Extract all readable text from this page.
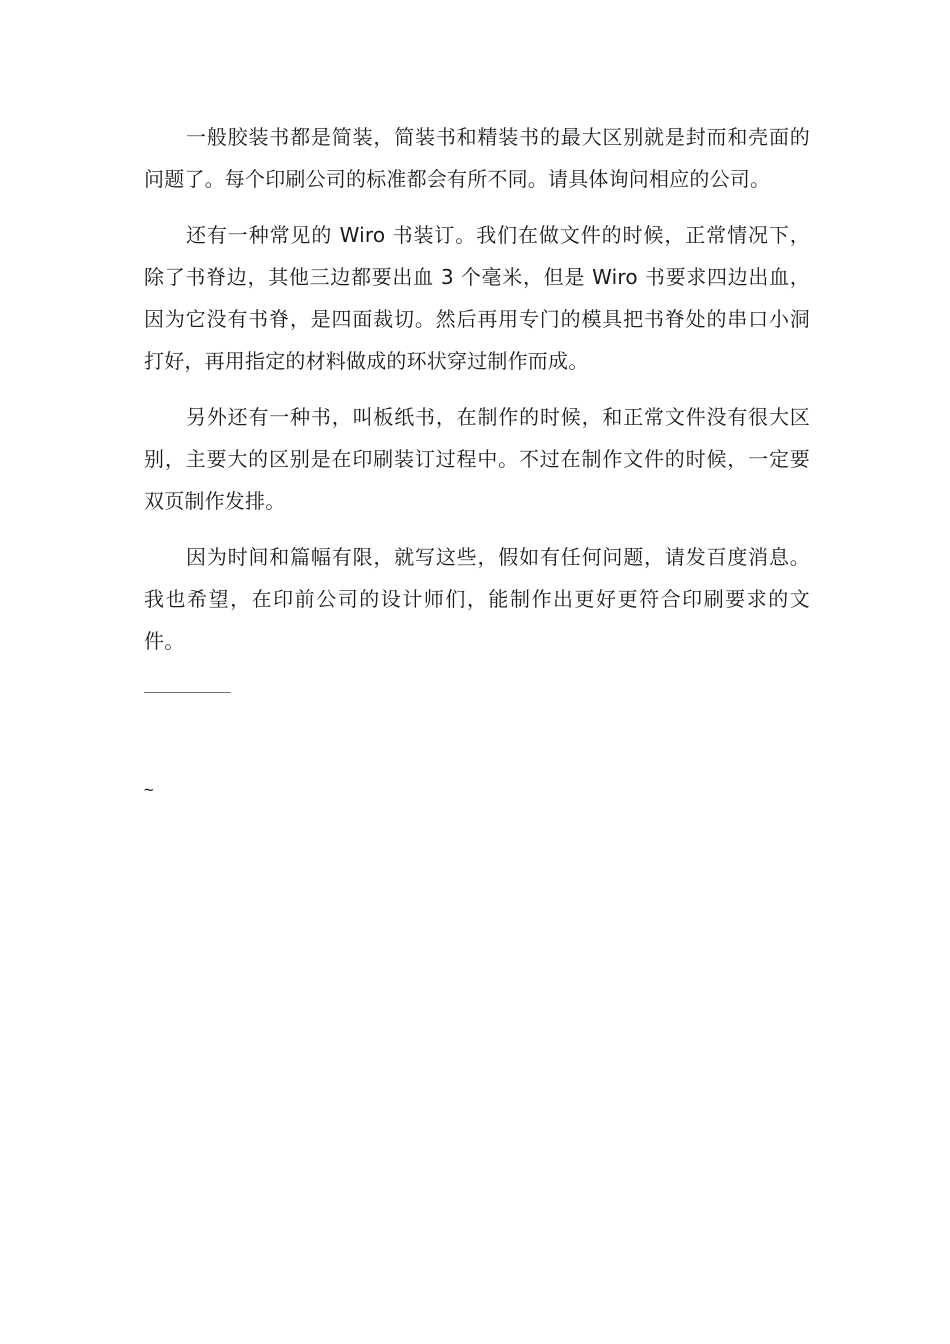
一般胶装书都是简装，简装书和精装书的最大区别就是封而和壳面的问题了。每个印刷公司的标准都会有所不同。请具体询问相应的公司。

还有一种常见的 Wiro 书装订。我们在做文件的时候，正常情况下，除了书脊边，其他三边都要出血 3 个毫米，但是 Wiro 书要求四边出血，因为它没有书脊，是四面裁切。然后再用专门的模具把书脊处的串口小洞打好，再用指定的材料做成的环状穿过制作而成。

另外还有一种书，叫板纸书，在制作的时候，和正常文件没有很大区别，主要大的区别是在印刷装订过程中。不过在制作文件的时候，一定要双页制作发排。

因为时间和篇幅有限，就写这些，假如有任何问题，请发百度消息。我也希望，在印前公司的设计师们，能制作出更好更符合印刷要求的文件。

_________
~
